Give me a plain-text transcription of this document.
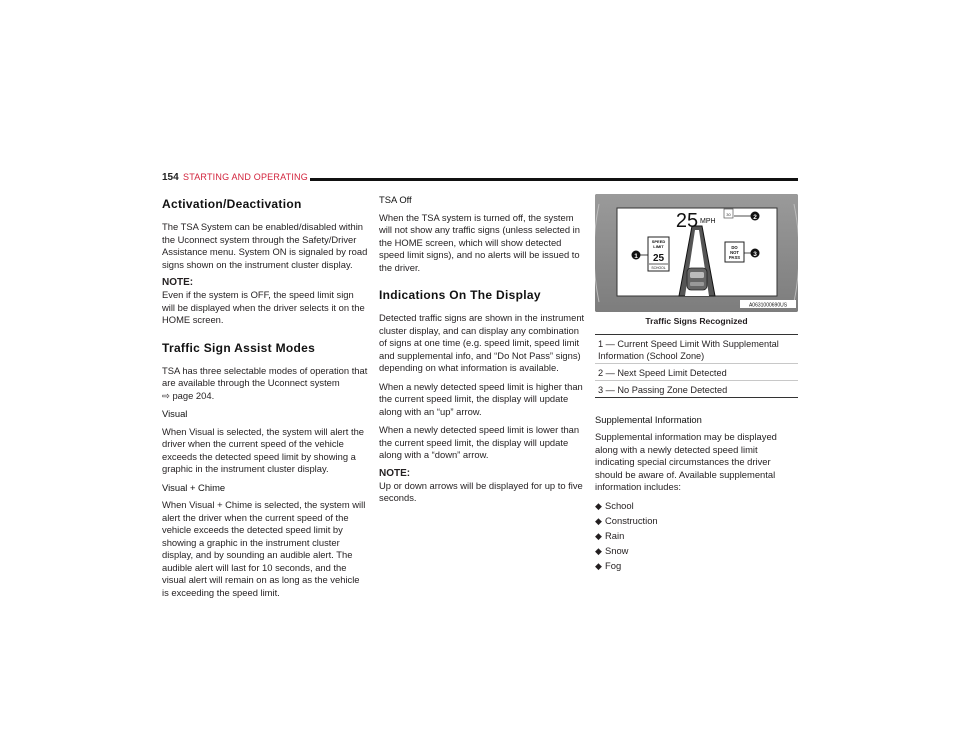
154 STARTING AND OPERATING
Activation/Deactivation

The TSA System can be enabled/disabled within the Uconnect system through the Safety/Driver Assistance menu. System ON is signaled by road signs shown on the instrument cluster display.

NOTE:

Even if the system is OFF, the speed limit sign will be displayed when the driver selects it on the HOME screen.

Traffic Sign Assist Modes

TSA has three selectable modes of operation that are available through the Uconnect system
⇨ page 204.

Visual

When Visual is selected, the system will alert the driver when the current speed of the vehicle exceeds the detected speed limit by showing a graphic in the instrument cluster display.

Visual + Chime

When Visual + Chime is selected, the system will alert the driver when the current speed of the vehicle exceeds the detected speed limit by showing a graphic in the instrument cluster display, and by sounding an audible alert. The audible alert will last for 10 seconds, and the visual alert will remain on as long as the vehicle is exceeding the speed limit.

TSA Off

When the TSA system is turned off, the system will not show any traffic signs (unless selected in the HOME screen, which will show detected speed limit signs), and no alerts will be issued to the driver.

Indications On The Display

Detected traffic signs are shown in the instrument cluster display, and can display any combination of signs at one time (e.g. speed limit, speed limit and supplemental info, and “Do Not Pass” signs) depending on what information is available.

When a newly detected speed limit is higher than the current speed limit, the display will update along with an “up” arrow.

When a newly detected speed limit is lower than the current speed limit, the display will update along with a “down” arrow.

NOTE:

Up or down arrows will be displayed for up to five seconds.

25 MPH
30
SPEED
LIMIT
25
SCHOOL
DO
NOT
PASS
1
2
3
A0631000690US
Traffic Signs Recognized
1 — Current Speed Limit With Supplemental Information (School Zone)
2 — Next Speed Limit Detected
3 — No Passing Zone Detected
Supplemental Information

Supplemental information may be displayed along with a newly detected speed limit indicating special circumstances the driver should be aware of. Available supplemental information includes:

◆ School
◆ Construction
◆ Rain
◆ Snow
◆ Fog
